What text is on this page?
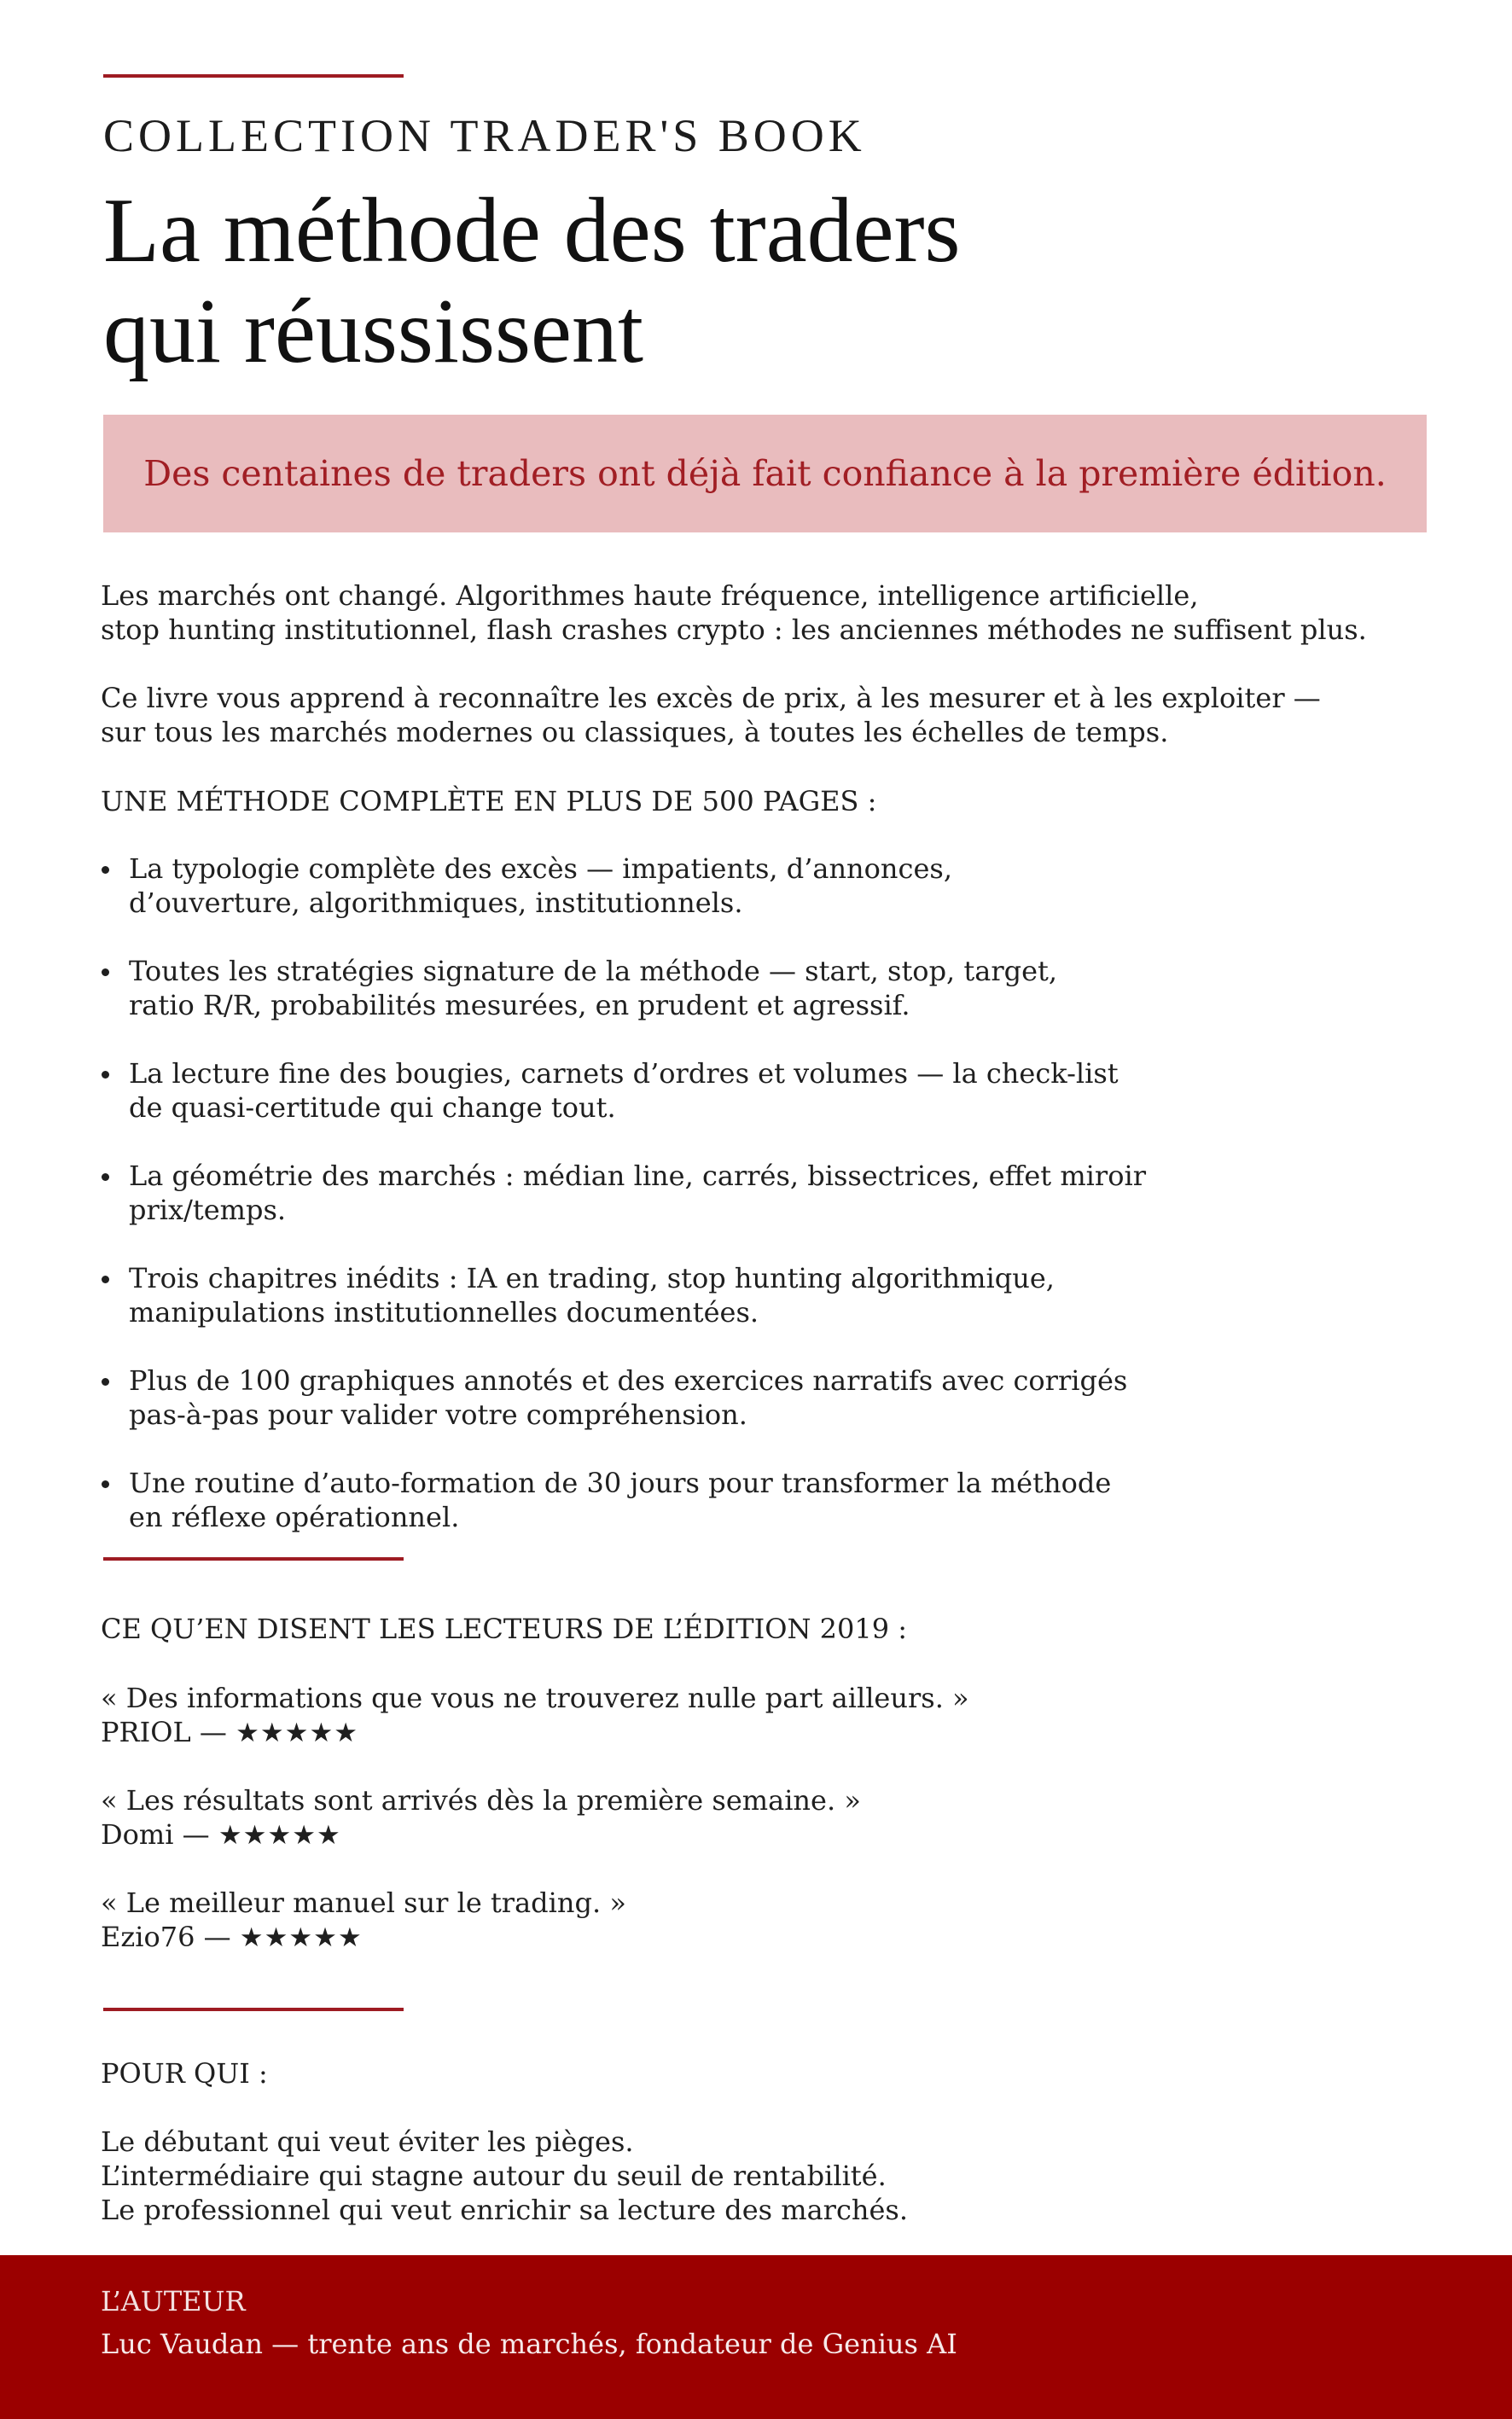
COLLECTION TRADER'S BOOK
La méthode des traders
qui réussissent
Des centaines de traders ont déjà fait confiance à la première édition.
Les marchés ont changé. Algorithmes haute fréquence, intelligence artificielle,
stop hunting institutionnel, flash crashes crypto : les anciennes méthodes ne suffisent plus.
Ce livre vous apprend à reconnaître les excès de prix, à les mesurer et à les exploiter —
sur tous les marchés modernes ou classiques, à toutes les échelles de temps.
UNE MÉTHODE COMPLÈTE EN PLUS DE 500 PAGES :
La typologie complète des excès — impatients, d’annonces,
d’ouverture, algorithmiques, institutionnels.
Toutes les stratégies signature de la méthode — start, stop, target,
ratio R/R, probabilités mesurées, en prudent et agressif.
La lecture fine des bougies, carnets d’ordres et volumes — la check-list
de quasi-certitude qui change tout.
La géométrie des marchés : médian line, carrés, bissectrices, effet miroir
prix/temps.
Trois chapitres inédits : IA en trading, stop hunting algorithmique,
manipulations institutionnelles documentées.
Plus de 100 graphiques annotés et des exercices narratifs avec corrigés
pas-à-pas pour valider votre compréhension.
Une routine d’auto-formation de 30 jours pour transformer la méthode
en réflexe opérationnel.
CE QU’EN DISENT LES LECTEURS DE L’ÉDITION 2019 :
« Des informations que vous ne trouverez nulle part ailleurs. »
PRIOL — ★★★★★
« Les résultats sont arrivés dès la première semaine. »
Domi — ★★★★★
« Le meilleur manuel sur le trading. »
Ezio76 — ★★★★★
POUR QUI :
Le débutant qui veut éviter les pièges.
L’intermédiaire qui stagne autour du seuil de rentabilité.
Le professionnel qui veut enrichir sa lecture des marchés.
L’AUTEUR
Luc Vaudan — trente ans de marchés, fondateur de Genius AI
